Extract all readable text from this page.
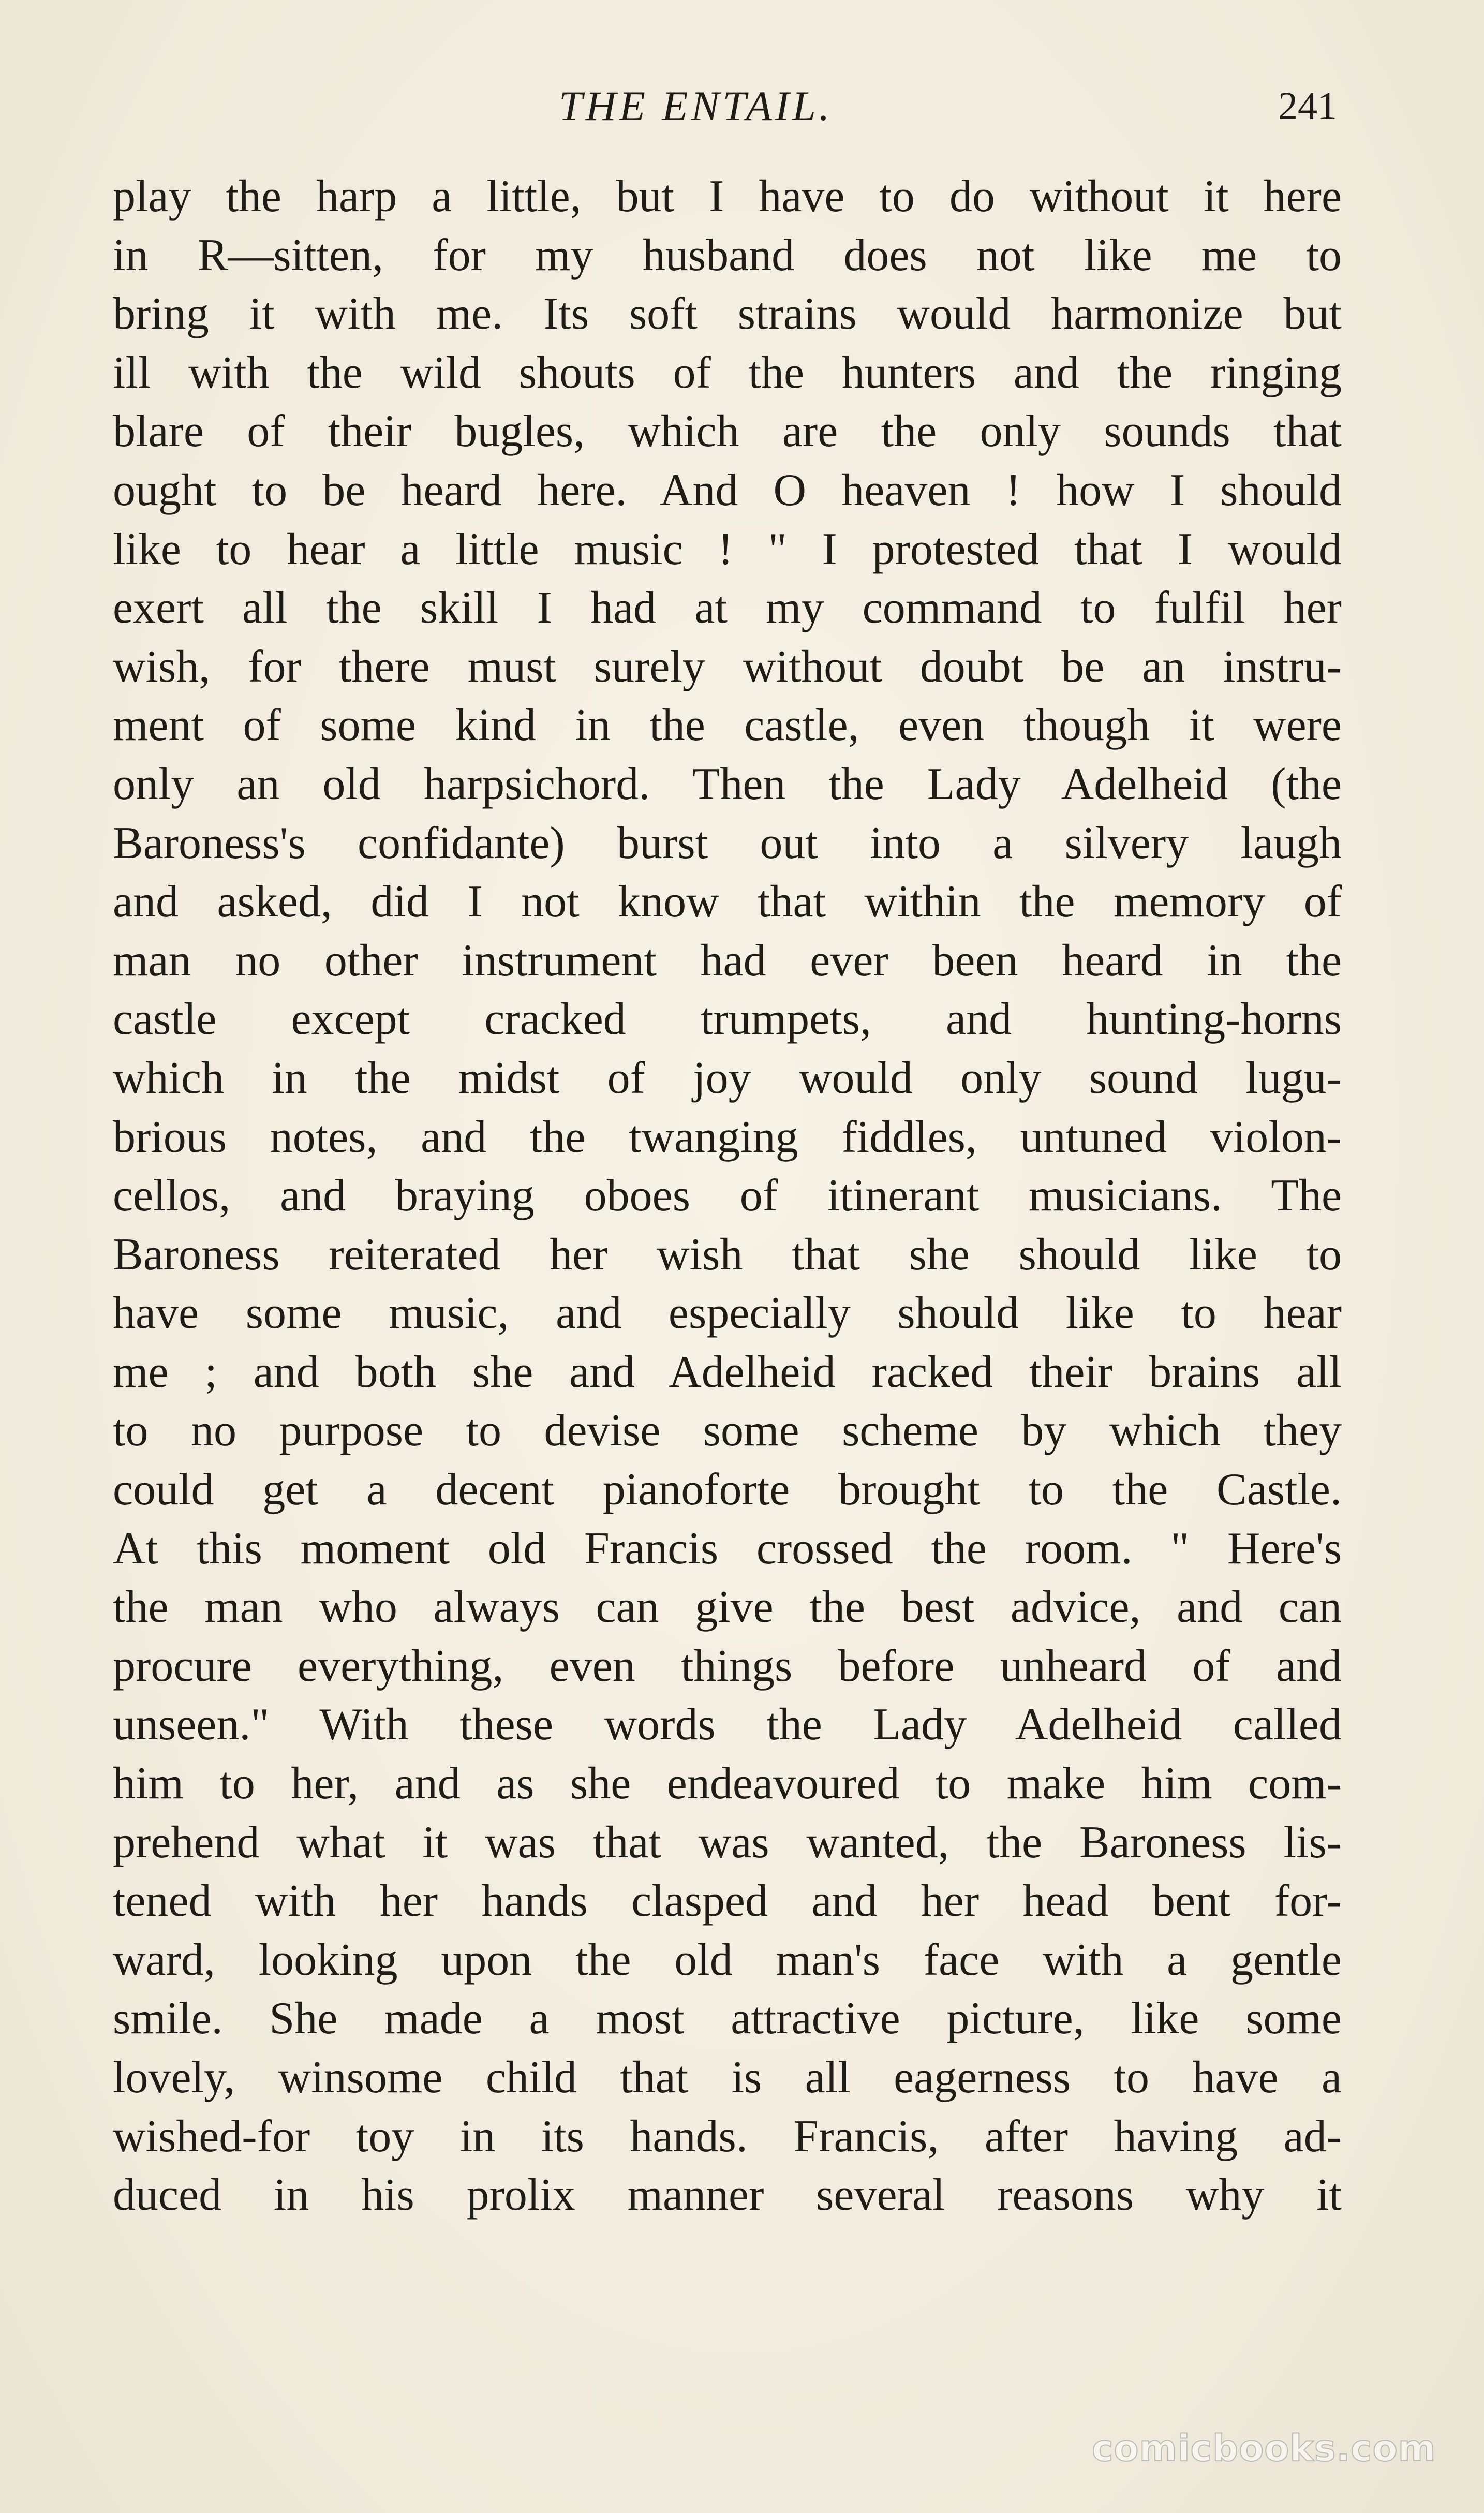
THE ENTAIL.	241
play the harp a little, but I have to do without it here
in R—sitten, for my husband does not like me to
bring it with me. Its soft strains would harmonize but
ill with the wild shouts of the hunters and the ringing
blare of their bugles, which are the only sounds that
ought to be heard here. And O heaven ! how I should
like to hear a little music ! " I protested that I would
exert all the skill I had at my command to fulfil her
wish, for there must surely without doubt be an instru-
ment of some kind in the castle, even though it were
only an old harpsichord. Then the Lady Adelheid (the
Baroness's confidante) burst out into a silvery laugh
and asked, did I not know that within the memory of
man no other instrument had ever been heard in the
castle except cracked trumpets, and hunting-horns
which in the midst of joy would only sound lugu-
brious notes, and the twanging fiddles, untuned violon-
cellos, and braying oboes of itinerant musicians. The
Baroness reiterated her wish that she should like to
have some music, and especially should like to hear
me ; and both she and Adelheid racked their brains all
to no purpose to devise some scheme by which they
could get a decent pianoforte brought to the Castle.
At this moment old Francis crossed the room. " Here's
the man who always can give the best advice, and can
procure everything, even things before unheard of and
unseen." With these words the Lady Adelheid called
him to her, and as she endeavoured to make him com-
prehend what it was that was wanted, the Baroness lis-
tened with her hands clasped and her head bent for-
ward, looking upon the old man's face with a gentle
smile. She made a most attractive picture, like some
lovely, winsome child that is all eagerness to have a
wished-for toy in its hands. Francis, after having ad-
duced in his prolix manner several reasons why it
comicbooks.com
